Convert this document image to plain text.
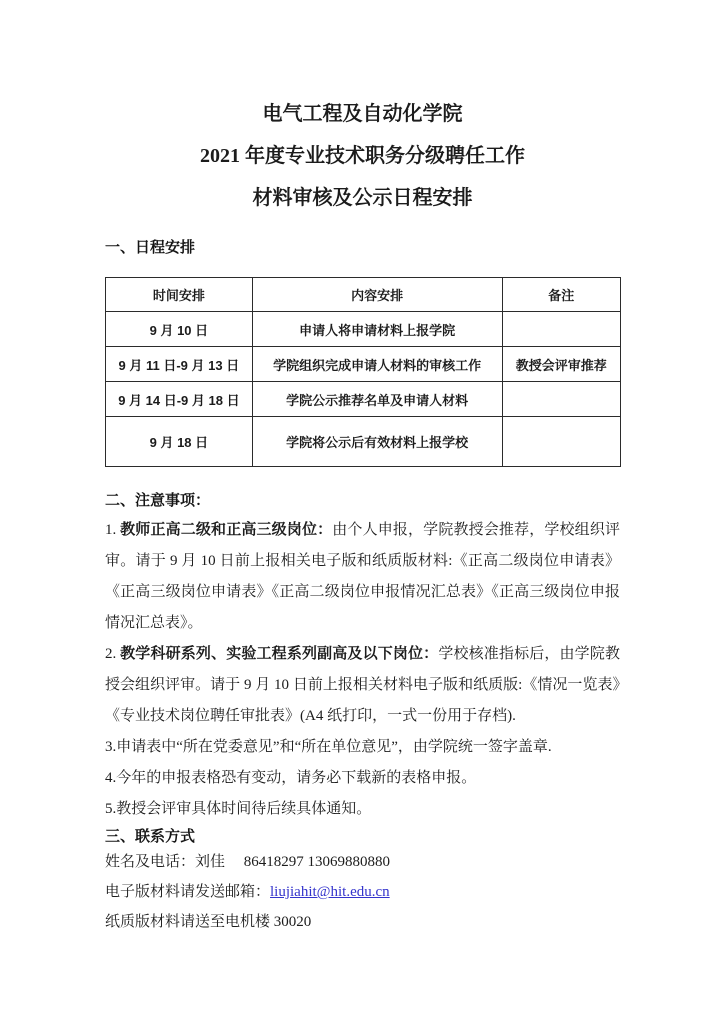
电气工程及自动化学院

2021 年度专业技术职务分级聘任工作

材料审核及公示日程安排

一、日程安排

时间安排	内容安排	备注
9 月 10 日	申请人将申请材料上报学院	
9 月 11 日-9 月 13 日	学院组织完成申请人材料的审核工作	教授会评审推荐
9 月 14 日-9 月 18 日	学院公示推荐名单及申请人材料	
9 月 18 日	学院将公示后有效材料上报学校	

二、注意事项：

1. 教师正高二级和正高三级岗位：由个人申报，学院教授会推荐，学校组织评审。请于 9 月 10 日前上报相关电子版和纸质版材料:《正高二级岗位申请表》《正高三级岗位申请表》《正高二级岗位申报情况汇总表》《正高三级岗位申报情况汇总表》。

2. 教学科研系列、实验工程系列副高及以下岗位：学校核准指标后，由学院教授会组织评审。请于 9 月 10 日前上报相关材料电子版和纸质版:《情况一览表》《专业技术岗位聘任审批表》(A4 纸打印，一式一份用于存档).

3.申请表中“所在党委意见”和“所在单位意见”，由学院统一签字盖章.

4.今年的申报表格恐有变动，请务必下载新的表格申报。

5.教授会评审具体时间待后续具体通知。

三、联系方式

姓名及电话：刘佳　 86418297 13069880880

电子版材料请发送邮箱：liujiahit@hit.edu.cn

纸质版材料请送至电机楼 30020
